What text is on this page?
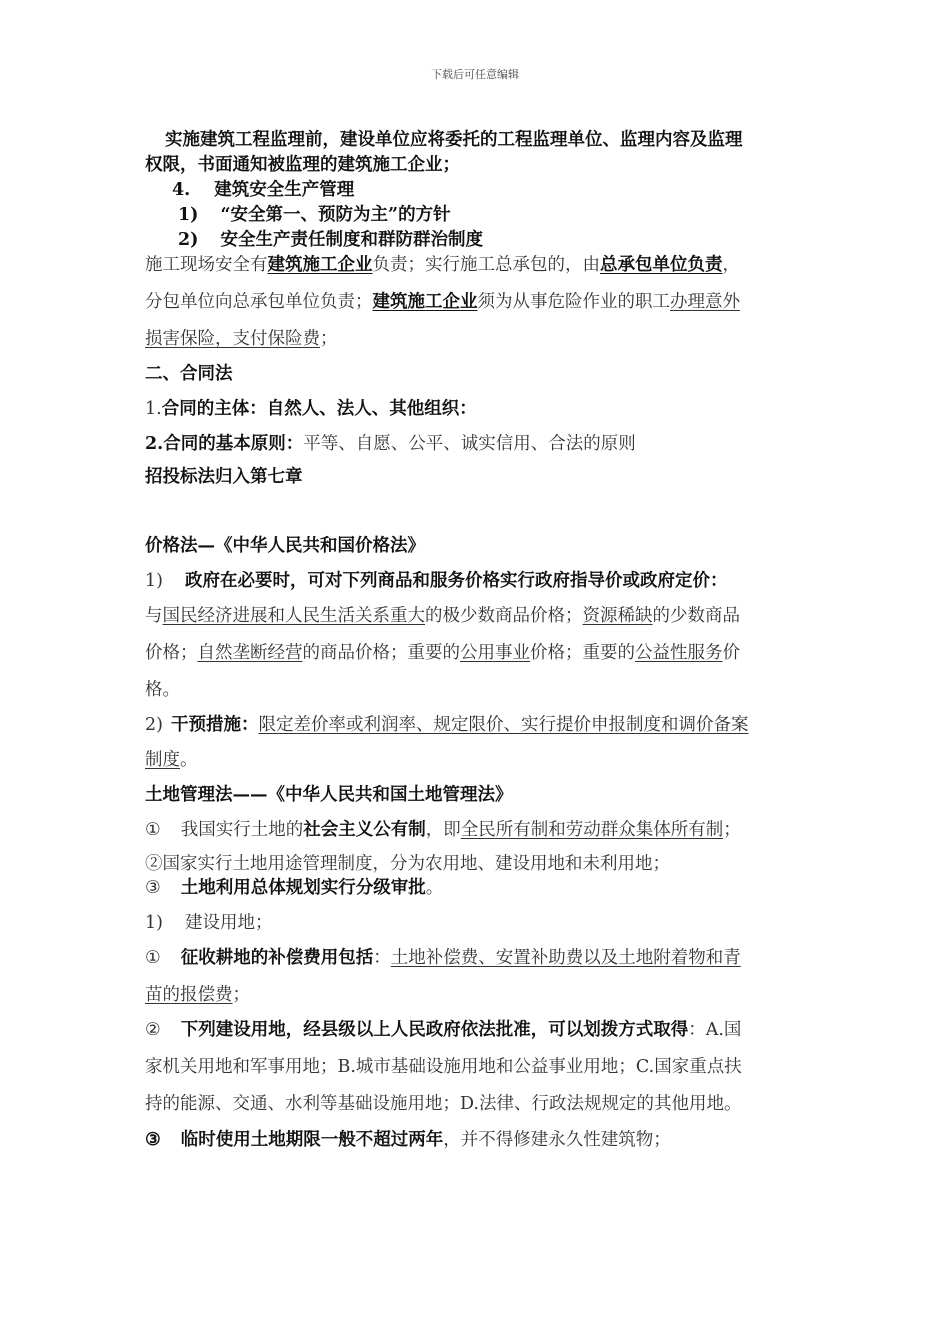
下载后可任意编辑
实施建筑工程监理前，建设单位应将委托的工程监理单位、监理内容及监理
权限，书面通知被监理的建筑施工企业；
4. 建筑安全生产管理
1) “安全第一、预防为主”的方针
2) 安全生产责任制度和群防群治制度
施工现场安全有建筑施工企业负责；实行施工总承包的，由总承包单位负责，
分包单位向总承包单位负责；建筑施工企业须为从事危险作业的职工办理意外
损害保险，支付保险费；
二、合同法
1.合同的主体：自然人、法人、其他组织：
2.合同的基本原则：平等、自愿、公平、诚实信用、合法的原则
招投标法归入第七章
价格法—《中华人民共和国价格法》
1) 政府在必要时，可对下列商品和服务价格实行政府指导价或政府定价：
与国民经济进展和人民生活关系重大的极少数商品价格；资源稀缺的少数商品
价格；自然垄断经营的商品价格；重要的公用事业价格；重要的公益性服务价
格。
2) 干预措施：限定差价率或利润率、规定限价、实行提价申报制度和调价备案
制度。
土地管理法——《中华人民共和国土地管理法》
① 我国实行土地的社会主义公有制，即全民所有制和劳动群众集体所有制；
②国家实行土地用途管理制度，分为农用地、建设用地和未利用地；
③ 土地利用总体规划实行分级审批。
1) 建设用地；
① 征收耕地的补偿费用包括：土地补偿费、安置补助费以及土地附着物和青
苗的报偿费；
② 下列建设用地，经县级以上人民政府依法批准，可以划拨方式取得：A.国
家机关用地和军事用地；B.城市基础设施用地和公益事业用地；C.国家重点扶
持的能源、交通、水利等基础设施用地；D.法律、行政法规规定的其他用地。
③ 临时使用土地期限一般不超过两年，并不得修建永久性建筑物；
